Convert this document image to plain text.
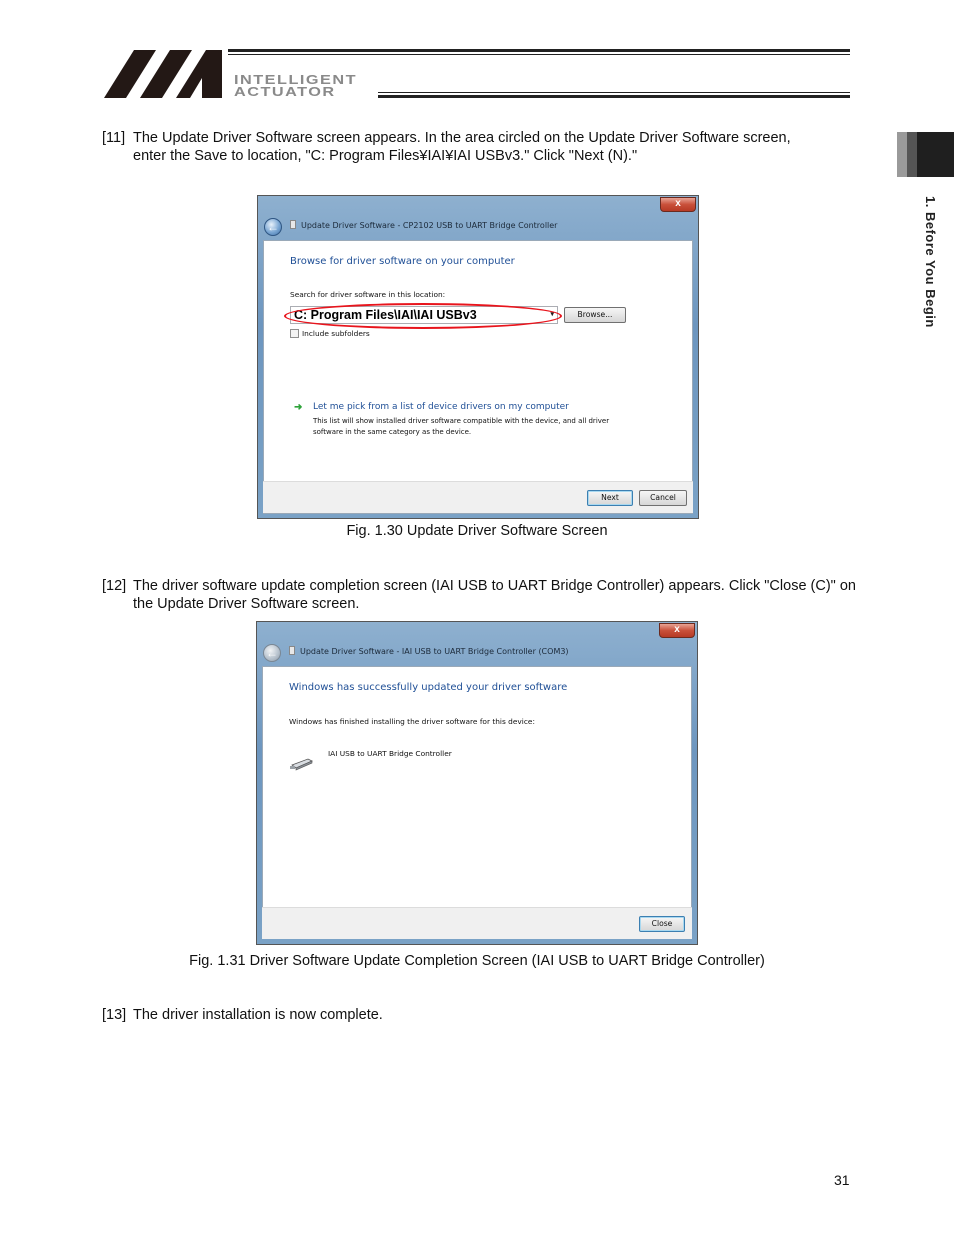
INTELLIGENT
ACTUATOR
1. Before You Begin
[11] The Update Driver Software screen appears. In the area circled on the Update Driver Software screen, enter the Save to location, "C: Program Files¥IAI¥IAI USBv3." Click "Next (N)."
x
←	Update Driver Software - CP2102 USB to UART Bridge Controller
Browse for driver software on your computer
Search for driver software in this location:
C: Program Files\IAI\IAI USBv3	▾	Browse...
Include subfolders
➜ Let me pick from a list of device drivers on my computer
This list will show installed driver software compatible with the device, and all driver
software in the same category as the device.
Next	Cancel
Fig. 1.30 Update Driver Software Screen
[12] The driver software update completion screen (IAI USB to UART Bridge Controller) appears. Click "Close (C)" on the Update Driver Software screen.
x
←	Update Driver Software - IAI USB to UART Bridge Controller (COM3)
Windows has successfully updated your driver software
Windows has finished installing the driver software for this device:
IAI USB to UART Bridge Controller
Close
Fig. 1.31 Driver Software Update Completion Screen (IAI USB to UART Bridge Controller)
[13] The driver installation is now complete.
31
